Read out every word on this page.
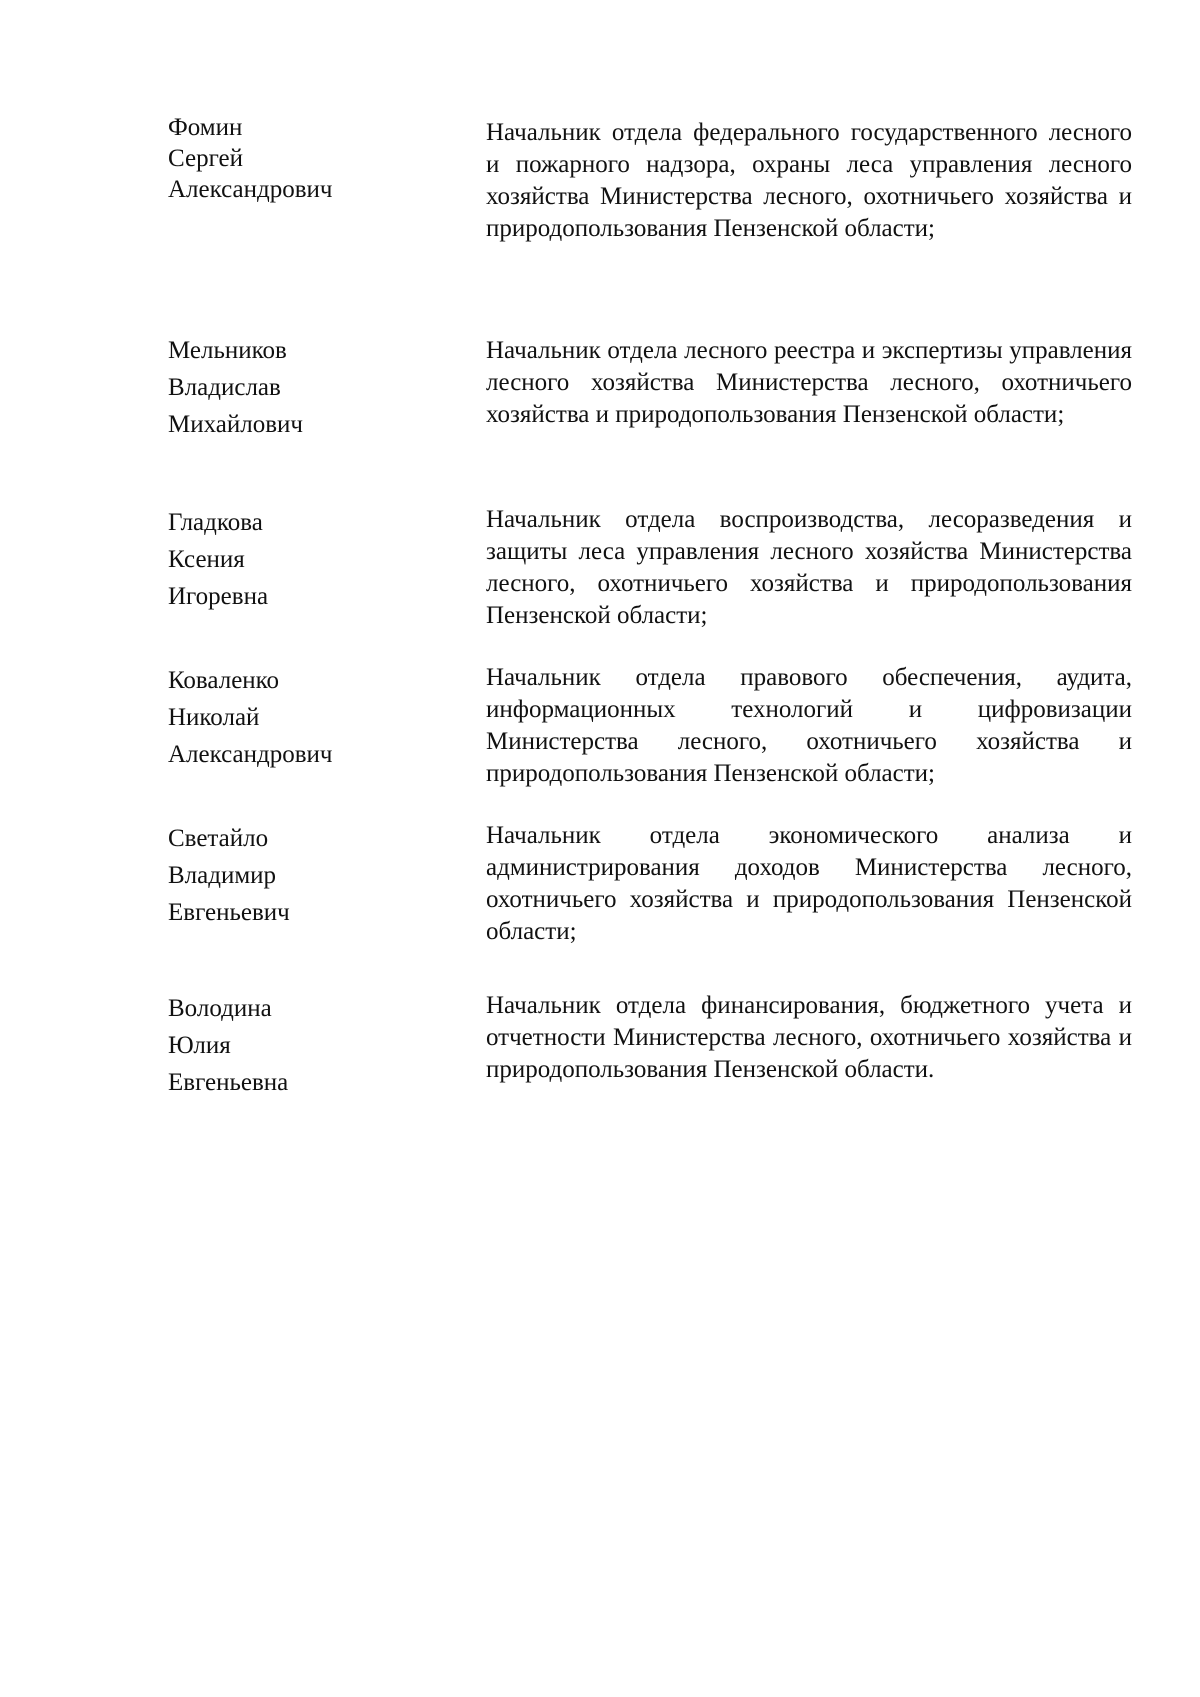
Фомин
Сергей
Александрович
Начальник отдела федерального государственного лесного и пожарного надзора, охраны леса управления лесного хозяйства Министерства лесного, охотничьего хозяйства и природопользования Пензенской области;
Мельников
Владислав
Михайлович
Начальник отдела лесного реестра и экспертизы управления лесного хозяйства Министерства лесного, охотничьего хозяйства и природопользования Пензенской области;
Гладкова
Ксения
Игоревна
Начальник отдела воспроизводства, лесоразведения и защиты леса управления лесного хозяйства Министерства лесного, охотничьего хозяйства и природопользования Пензенской области;
Коваленко
Николай
Александрович
Начальник отдела правового обеспечения, аудита, информационных технологий и цифровизации Министерства лесного, охотничьего хозяйства и природопользования Пензенской области;
Светайло
Владимир
Евгеньевич
Начальник отдела экономического анализа и администрирования доходов Министерства лесного, охотничьего хозяйства и природопользования Пензенской области;
Володина
Юлия
Евгеньевна
Начальник отдела финансирования, бюджетного учета и отчетности Министерства лесного, охотничьего хозяйства и природопользования Пензенской области.
